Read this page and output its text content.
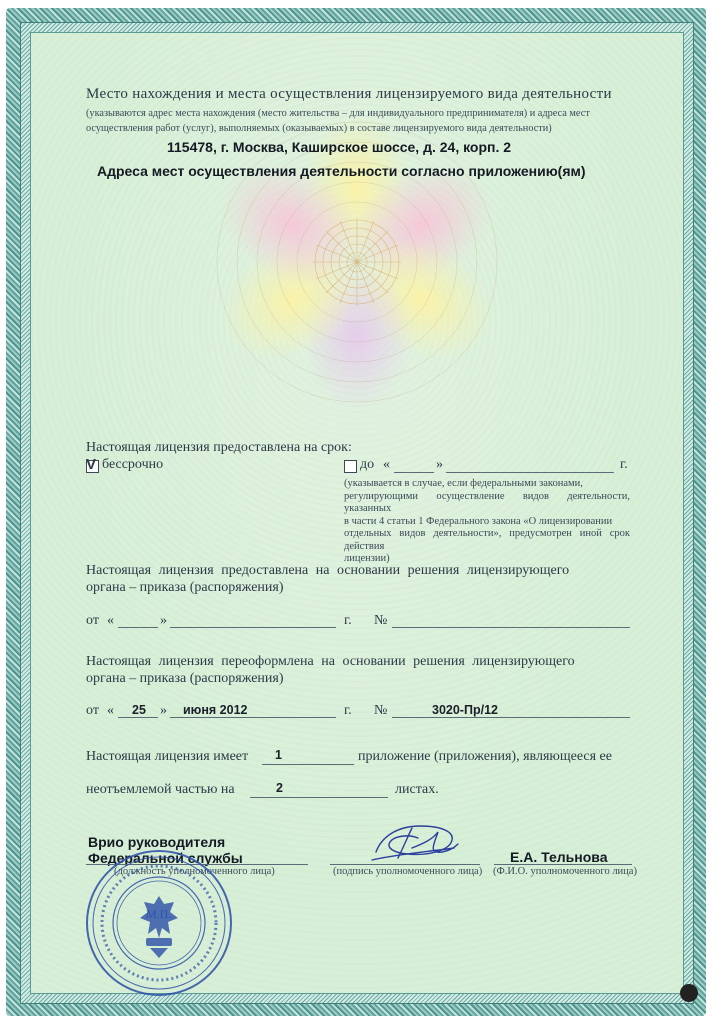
Место нахождения и места осуществления лицензируемого вида деятельности
(указываются адрес места нахождения (место жительства – для индивидуального предпринимателя) и адреса мест
осуществления работ (услуг), выполняемых (оказываемых) в составе лицензируемого вида деятельности)
115478, г. Москва, Каширское шоссе, д. 24, корп. 2
Адреса мест осуществления деятельности согласно приложению(ям)
Настоящая лицензия предоставлена на срок:
V бессрочно	до «	»	г.
(указывается в случае, если федеральными законами,
регулирующими осуществление видов деятельности, указанных
в части 4 статьи 1 Федерального закона «О лицензировании
отдельных видов деятельности», предусмотрен иной срок действия
лицензии)
Настоящая лицензия предоставлена на основании решения лицензирующего
органа – приказа (распоряжения)
от «	»	г. №
Настоящая лицензия переоформлена на основании решения лицензирующего
органа – приказа (распоряжения)
от « 25 » июня 2012	г. №	3020-Пр/12
Настоящая лицензия имеет 1	приложение (приложения), являющееся ее
неотъемлемой частью на	2	листах.
Врио руководителя
Федеральной службы
(должность уполномоченного лица)	(подпись уполномоченного лица)
Е.А. Тельнова
(Ф.И.О. уполномоченного лица)
М.П.
